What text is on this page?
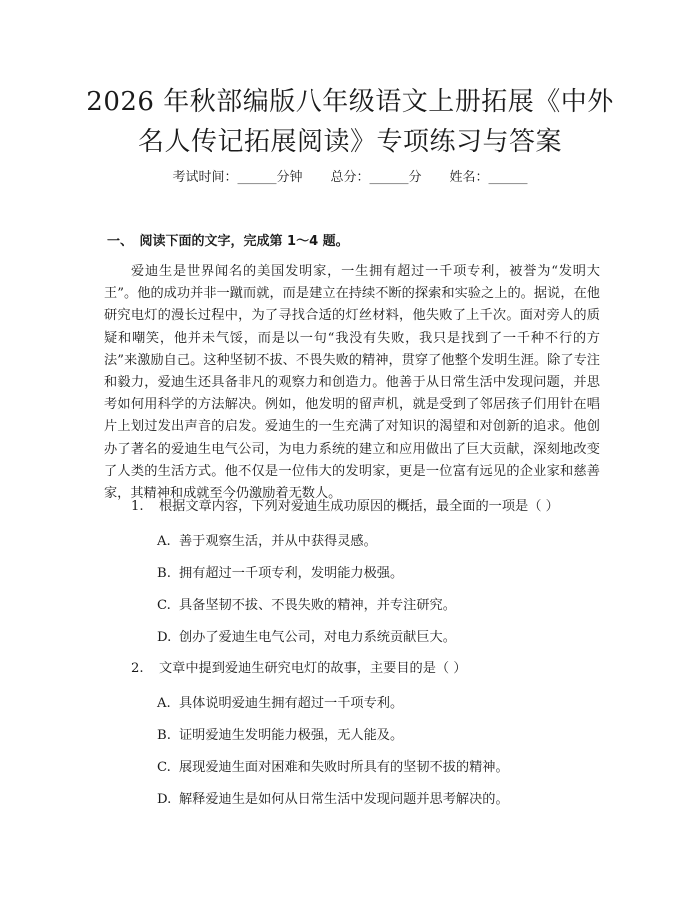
2026 年秋部编版八年级语文上册拓展《中外
名人传记拓展阅读》专项练习与答案
考试时间：______分钟 总分：______分 姓名：______
一、　阅读下面的文字，完成第 1～4 题。

爱迪生是世界闻名的美国发明家，一生拥有超过一千项专利，被誉为“发明大王”。他的成功并非一蹴而就，而是建立在持续不断的探索和实验之上的。据说，在他研究电灯的漫长过程中，为了寻找合适的灯丝材料，他失败了上千次。面对旁人的质疑和嘲笑，他并未气馁，而是以一句“我没有失败，我只是找到了一千种不行的方法”来激励自己。这种坚韧不拔、不畏失败的精神，贯穿了他整个发明生涯。除了专注和毅力，爱迪生还具备非凡的观察力和创造力。他善于从日常生活中发现问题，并思考如何用科学的方法解决。例如，他发明的留声机，就是受到了邻居孩子们用针在唱片上划过发出声音的启发。爱迪生的一生充满了对知识的渴望和对创新的追求。他创办了著名的爱迪生电气公司，为电力系统的建立和应用做出了巨大贡献，深刻地改变了人类的生活方式。他不仅是一位伟大的发明家，更是一位富有远见的企业家和慈善家，其精神和成就至今仍激励着无数人。

1. 根据文章内容，下列对爱迪生成功原因的概括，最全面的一项是（ ）
A. 善于观察生活，并从中获得灵感。
B. 拥有超过一千项专利，发明能力极强。
C. 具备坚韧不拔、不畏失败的精神，并专注研究。
D. 创办了爱迪生电气公司，对电力系统贡献巨大。
2. 文章中提到爱迪生研究电灯的故事，主要目的是（ ）
A. 具体说明爱迪生拥有超过一千项专利。
B. 证明爱迪生发明能力极强，无人能及。
C. 展现爱迪生面对困难和失败时所具有的坚韧不拔的精神。
D. 解释爱迪生是如何从日常生活中发现问题并思考解决的。
